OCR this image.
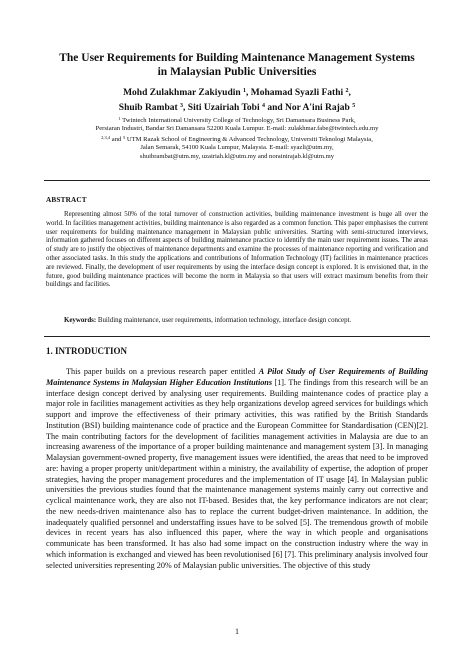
The User Requirements for Building Maintenance Management Systems
in Malaysian Public Universities
Mohd Zulakhmar Zakiyudin $^1$, Mohamad Syazli Fathi $^2$,
Shuib Rambat $^3$, Siti Uzairiah Tobi $^4$ and Nor A'ini Rajab $^5$
$^1$ Twintech International University College of Technology, Sri Damansara Business Park,
Persiaran Industri, Bandar Sri Damansara 52200 Kuala Lumpur. E-mail: zulakhmar.fabe@twintech.edu.my
$^{2,3,4}$ and $^5$ UTM Razak School of Engineering & Advanced Technology, Universiti Teknologi Malaysia,
Jalan Semarak, 54100 Kuala Lumpur, Malaysia. E-mail: syazli@utm.my,
shuibrambat@utm.my, uzairiah.kl@utm.my and norainirajab.kl@utm.my
ABSTRACT
Representing almost 50% of the total turnover of construction activities, building maintenance investment is huge all over the world. In facilities management activities, building maintenance is also regarded as a common function. This paper emphasises the current user requirements for building maintenance management in Malaysian public universities. Starting with semi-structured interviews, information gathered focuses on different aspects of building maintenance practice to identify the main user requirement issues. The areas of study are to justify the objectives of maintenance departments and examine the processes of maintenance reporting and verification and other associated tasks. In this study the applications and contributions of Information Technology (IT) facilities in maintenance practices are reviewed. Finally, the development of user requirements by using the interface design concept is explored. It is envisioned that, in the future, good building maintenance practices will become the norm in Malaysia so that users will extract maximum benefits from their buildings and facilities.
Keywords: Building maintenance, user requirements, information technology, interface design concept.
1. INTRODUCTION
This paper builds on a previous research paper entitled A Pilot Study of User Requirements of Building Maintenance Systems in Malaysian Higher Education Institutions [1]. The findings from this research will be an interface design concept derived by analysing user requirements. Building maintenance codes of practice play a major role in facilities management activities as they help organizations develop agreed services for buildings which support and improve the effectiveness of their primary activities, this was ratified by the British Standards Institution (BSI) building maintenance code of practice and the European Committee for Standardisation (CEN)[2]. The main contributing factors for the development of facilities management activities in Malaysia are due to an increasing awareness of the importance of a proper building maintenance and management system [3]. In managing Malaysian government-owned property, five management issues were identified, the areas that need to be improved are: having a proper property unit/department within a ministry, the availability of expertise, the adoption of proper strategies, having the proper management procedures and the implementation of IT usage [4]. In Malaysian public universities the previous studies found that the maintenance management systems mainly carry out corrective and cyclical maintenance work, they are also not IT-based. Besides that, the key performance indicators are not clear; the new needs-driven maintenance also has to replace the current budget-driven maintenance. In addition, the inadequately qualified personnel and understaffing issues have to be solved [5]. The tremendous growth of mobile devices in recent years has also influenced this paper, where the way in which people and organisations communicate has been transformed. It has also had some impact on the construction industry where the way in which information is exchanged and viewed has been revolutionised [6] [7]. This preliminary analysis involved four selected universities representing 20% of Malaysian public universities. The objective of this study
1
